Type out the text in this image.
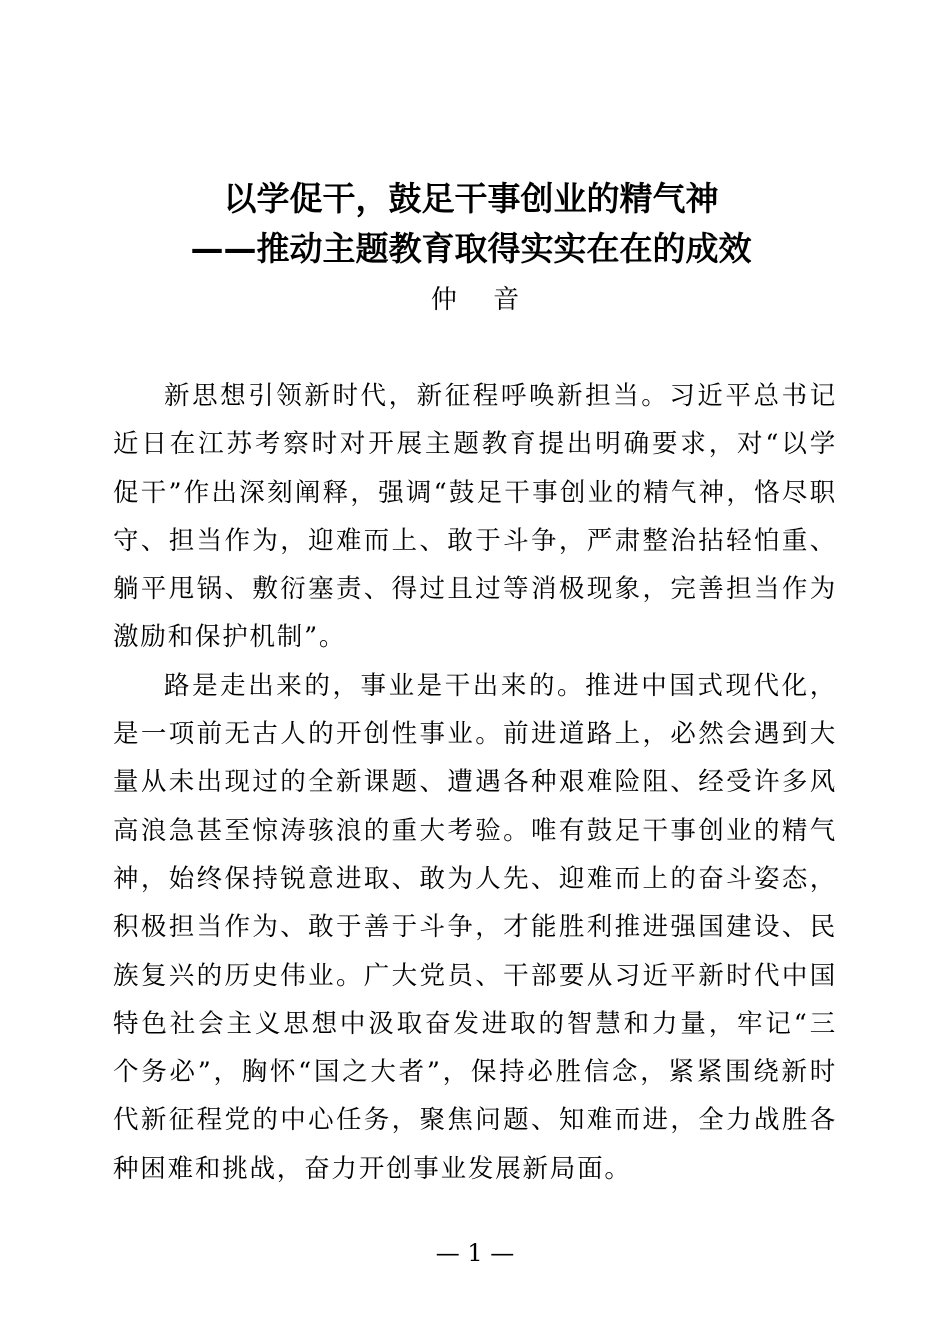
以学促干，鼓足干事创业的精气神
——推动主题教育取得实实在在的成效
仲 音

新思想引领新时代，新征程呼唤新担当。习近平总书记近日在江苏考察时对开展主题教育提出明确要求，对“以学促干”作出深刻阐释，强调“鼓足干事创业的精气神，恪尽职守、担当作为，迎难而上、敢于斗争，严肃整治拈轻怕重、躺平甩锅、敷衍塞责、得过且过等消极现象，完善担当作为激励和保护机制”。

路是走出来的，事业是干出来的。推进中国式现代化，是一项前无古人的开创性事业。前进道路上，必然会遇到大量从未出现过的全新课题、遭遇各种艰难险阻、经受许多风高浪急甚至惊涛骇浪的重大考验。唯有鼓足干事创业的精气神，始终保持锐意进取、敢为人先、迎难而上的奋斗姿态，积极担当作为、敢于善于斗争，才能胜利推进强国建设、民族复兴的历史伟业。广大党员、干部要从习近平新时代中国特色社会主义思想中汲取奋发进取的智慧和力量，牢记“三个务必”，胸怀“国之大者”，保持必胜信念，紧紧围绕新时代新征程党的中心任务，聚焦问题、知难而进，全力战胜各种困难和挑战，奋力开创事业发展新局面。

— 1 —
